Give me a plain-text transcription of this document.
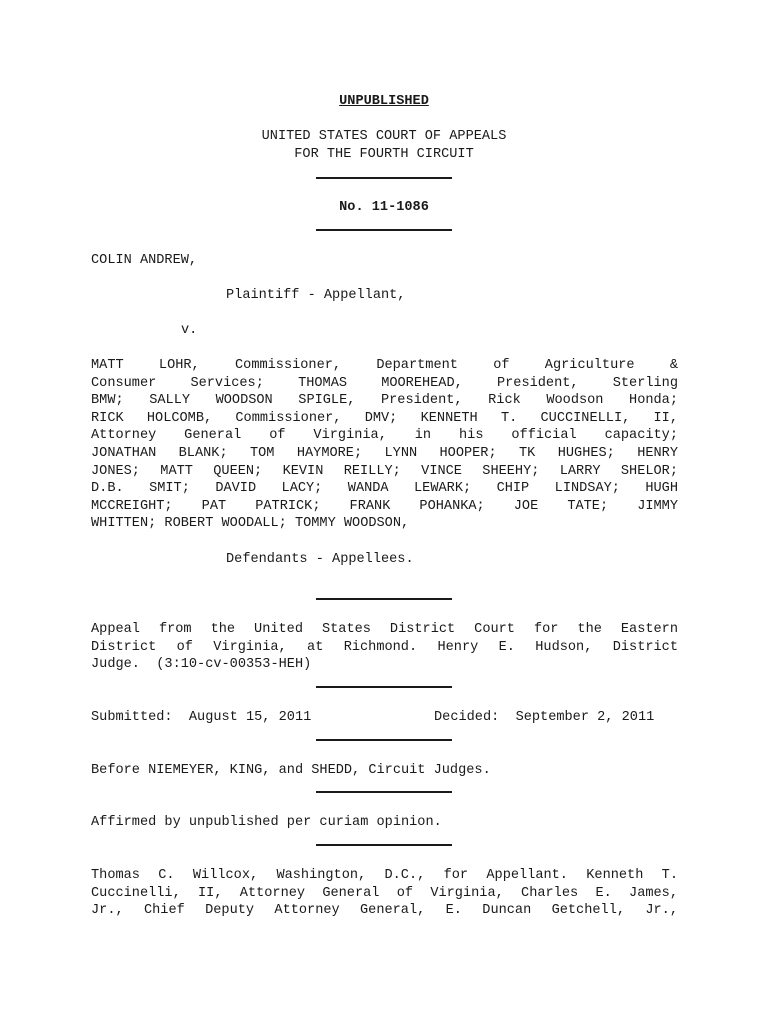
UNPUBLISHED
UNITED STATES COURT OF APPEALS
FOR THE FOURTH CIRCUIT
No. 11-1086
COLIN ANDREW,
Plaintiff - Appellant,
v.
MATT LOHR, Commissioner, Department of Agriculture &
Consumer Services; THOMAS MOOREHEAD, President, Sterling
BMW; SALLY WOODSON SPIGLE, President, Rick Woodson Honda;
RICK HOLCOMB, Commissioner, DMV; KENNETH T. CUCCINELLI, II,
Attorney General of Virginia, in his official capacity;
JONATHAN BLANK; TOM HAYMORE; LYNN HOOPER; TK HUGHES; HENRY
JONES; MATT QUEEN; KEVIN REILLY; VINCE SHEEHY; LARRY SHELOR;
D.B. SMIT; DAVID LACY; WANDA LEWARK; CHIP LINDSAY; HUGH
MCCREIGHT; PAT PATRICK; FRANK POHANKA; JOE TATE; JIMMY
WHITTEN; ROBERT WOODALL; TOMMY WOODSON,
Defendants - Appellees.
Appeal from the United States District Court for the Eastern
District of Virginia, at Richmond. Henry E. Hudson, District
Judge.  (3:10-cv-00353-HEH)
Submitted:  August 15, 2011	Decided:  September 2, 2011
Before NIEMEYER, KING, and SHEDD, Circuit Judges.
Affirmed by unpublished per curiam opinion.
Thomas C. Willcox, Washington, D.C., for Appellant. Kenneth T.
Cuccinelli, II, Attorney General of Virginia, Charles E. James,
Jr., Chief Deputy Attorney General, E. Duncan Getchell, Jr.,
